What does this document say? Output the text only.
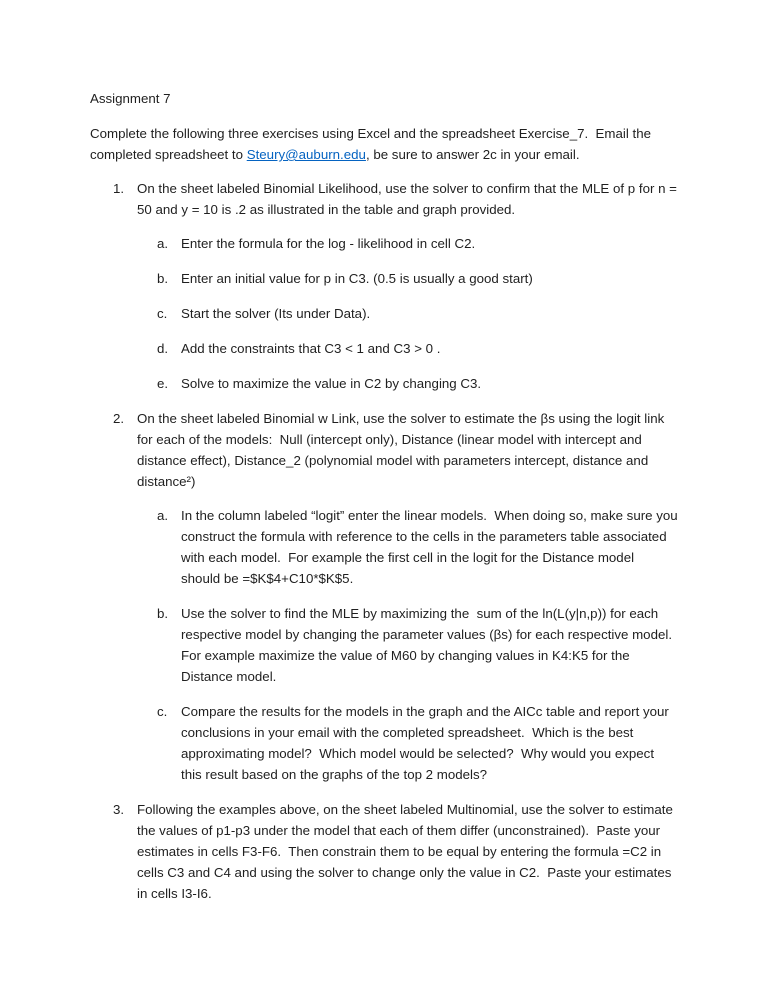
Assignment 7

Complete the following three exercises using Excel and the spreadsheet Exercise_7.  Email the completed spreadsheet to Steury@auburn.edu, be sure to answer 2c in your email.

1. On the sheet labeled Binomial Likelihood, use the solver to confirm that the MLE of p for n = 50 and y = 10 is .2 as illustrated in the table and graph provided.
a. Enter the formula for the log - likelihood in cell C2.
b. Enter an initial value for p in C3. (0.5 is usually a good start)
c.	Start the solver (Its under Data).
d. Add the constraints that C3 < 1 and C3 > 0 .
e. Solve to maximize the value in C2 by changing C3.
2. On the sheet labeled Binomial w Link, use the solver to estimate the βs using the logit link for each of the models:  Null (intercept only), Distance (linear model with intercept and distance effect), Distance_2 (polynomial model with parameters intercept, distance and distance²)
a. In the column labeled “logit” enter the linear models.  When doing so, make sure you construct the formula with reference to the cells in the parameters table associated with each model.  For example the first cell in the logit for the Distance model  should be =$K$4+C10*$K$5.
b. Use the solver to find the MLE by maximizing the  sum of the ln(L(y|n,p)) for each respective model by changing the parameter values (βs) for each respective model.  For example maximize the value of M60 by changing values in K4:K5 for the Distance model.
c.	Compare the results for the models in the graph and the AICc table and report your conclusions in your email with the completed spreadsheet.  Which is the best approximating model?  Which model would be selected?  Why would you expect this result based on the graphs of the top 2 models?
3. Following the examples above, on the sheet labeled Multinomial, use the solver to estimate the values of p1-p3 under the model that each of them differ (unconstrained).  Paste your estimates in cells F3-F6.  Then constrain them to be equal by entering the formula =C2 in cells C3 and C4 and using the solver to change only the value in C2.  Paste your estimates in cells I3-I6.
